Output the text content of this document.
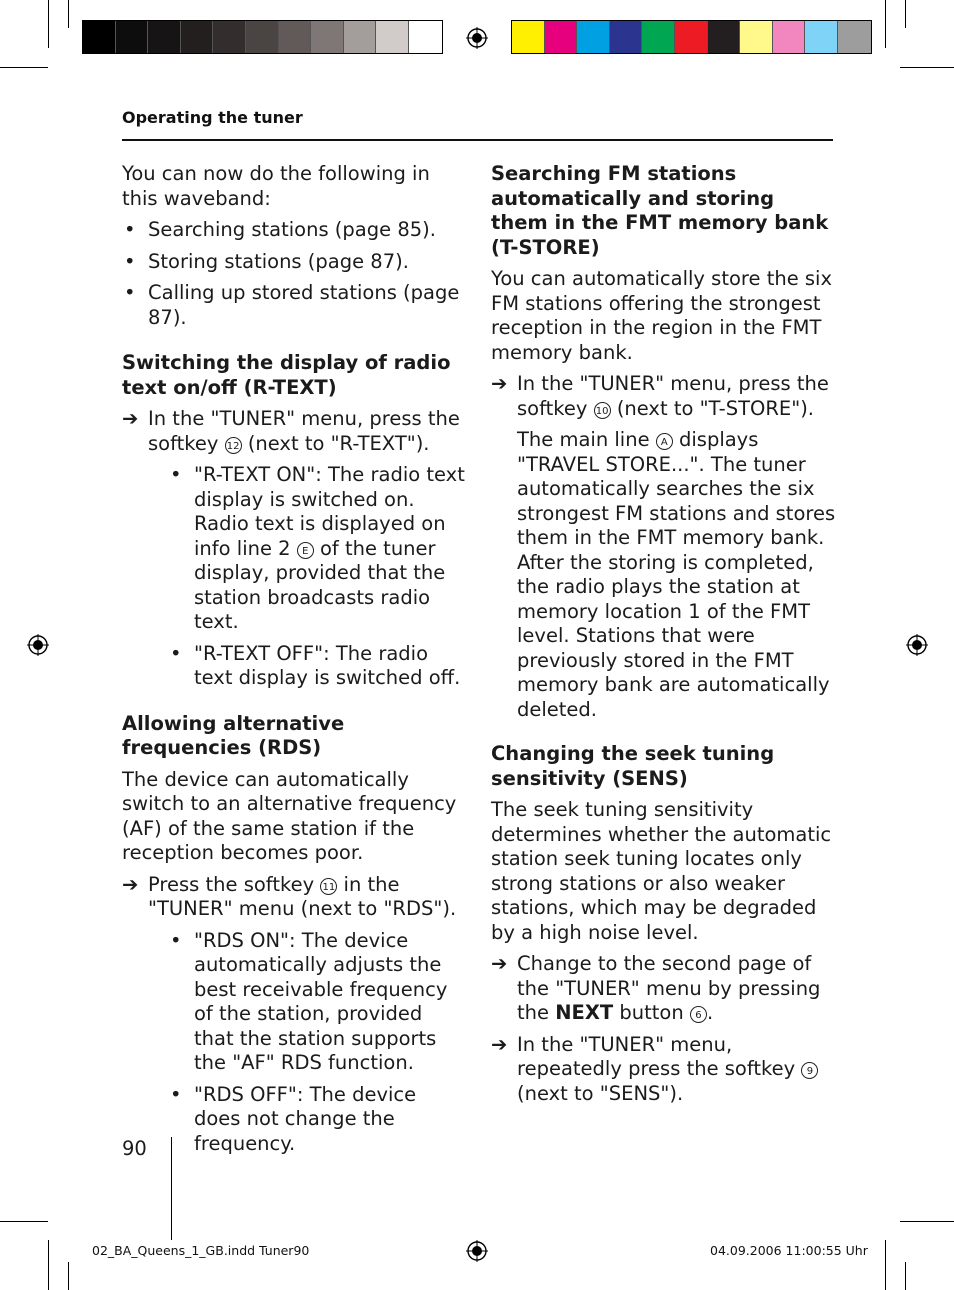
Operating the tuner

You can now do the following in this waveband:

• Searching stations (page 85).
• Storing stations (page 87).
• Calling up stored stations (page 87).
Switching the display of radio text on/off (R-TEXT)
➔ In the "TUNER" menu, press the softkey 12 (next to "R-TEXT").
• "R-TEXT ON": The radio text display is switched on. Radio text is displayed on info line 2 E of the tuner display, provided that the station broadcasts radio text.
• "R-TEXT OFF": The radio text display is switched off.
Allowing alternative frequencies (RDS)

The device can automatically switch to an alternative frequency (AF) of the same station if the reception becomes poor.

➔ Press the softkey 11 in the "TUNER" menu (next to "RDS").
• "RDS ON": The device automatically adjusts the best receivable frequency of the station, provided that the station supports the "AF" RDS function.
• "RDS OFF": The device does not change the frequency.
Searching FM stations automatically and storing them in the FMT memory bank (T-STORE)

You can automatically store the six FM stations offering the strongest reception in the region in the FMT memory bank.

➔ In the "TUNER" menu, press the softkey 10 (next to "T-STORE").

The main line A displays "TRAVEL STORE...". The tuner automatically searches the six strongest FM stations and stores them in the FMT memory bank. After the storing is completed, the radio plays the station at memory location 1 of the FMT level. Stations that were previously stored in the FMT memory bank are automatically deleted.

Changing the seek tuning sensitivity (SENS)

The seek tuning sensitivity determines whether the automatic station seek tuning locates only strong stations or also weaker stations, which may be degraded by a high noise level.

➔ Change to the second page of the "TUNER" menu by pressing the NEXT button 6 .
➔ In the "TUNER" menu, repeatedly press the softkey 9 (next to "SENS").
90
02_BA_Queens_1_GB.indd Tuner90	04.09.2006 11:00:55 Uhr
